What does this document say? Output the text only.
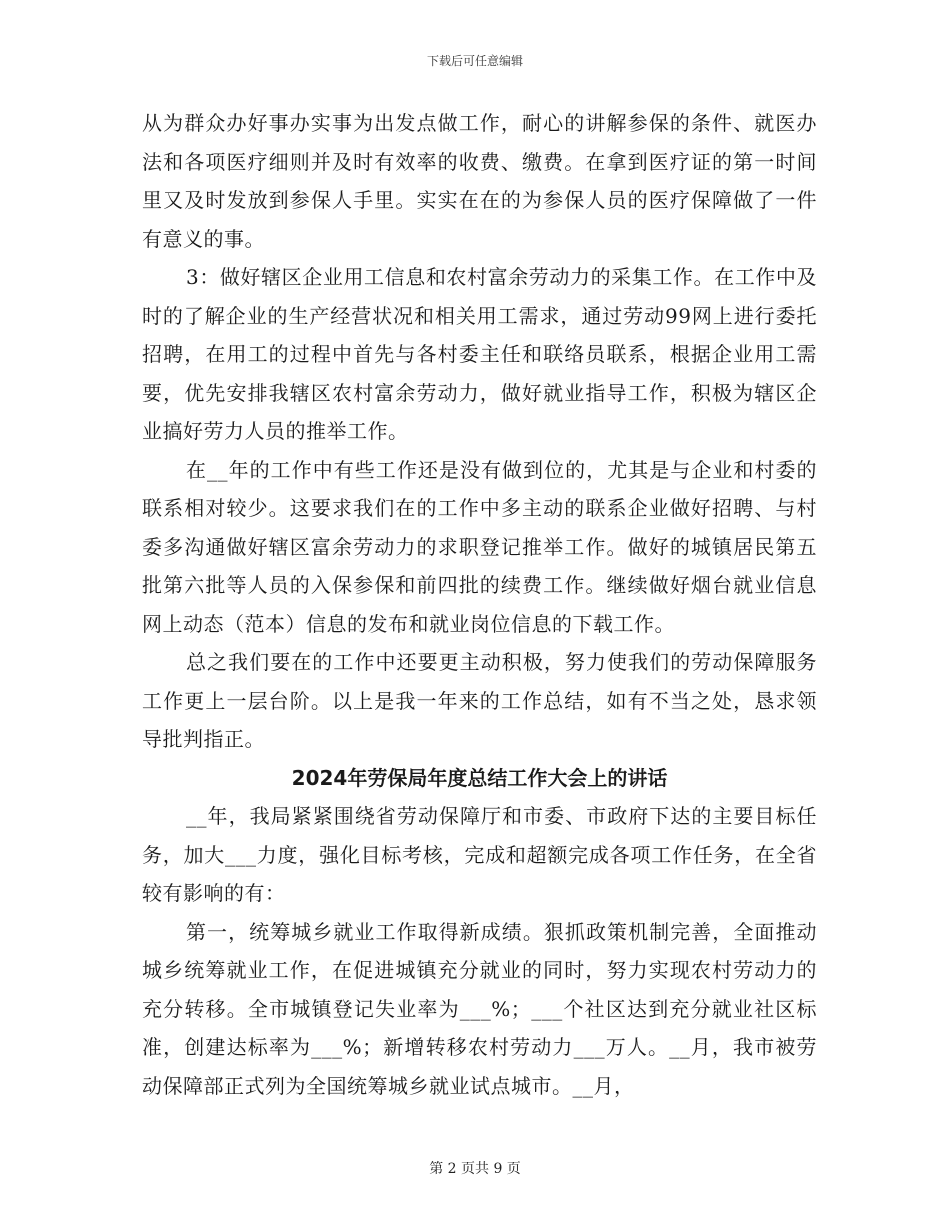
下载后可任意编辑

从为群众办好事办实事为出发点做工作，耐心的讲解参保的条件、就医办法和各项医疗细则并及时有效率的收费、缴费。在拿到医疗证的第一时间里又及时发放到参保人手里。实实在在的为参保人员的医疗保障做了一件有意义的事。

3：做好辖区企业用工信息和农村富余劳动力的采集工作。在工作中及时的了解企业的生产经营状况和相关用工需求，通过劳动99网上进行委托招聘，在用工的过程中首先与各村委主任和联络员联系，根据企业用工需要，优先安排我辖区农村富余劳动力，做好就业指导工作，积极为辖区企业搞好劳力人员的推举工作。

在__年的工作中有些工作还是没有做到位的，尤其是与企业和村委的联系相对较少。这要求我们在的工作中多主动的联系企业做好招聘、与村委多沟通做好辖区富余劳动力的求职登记推举工作。做好的城镇居民第五批第六批等人员的入保参保和前四批的续费工作。继续做好烟台就业信息网上动态（范本）信息的发布和就业岗位信息的下载工作。

总之我们要在的工作中还要更主动积极，努力使我们的劳动保障服务工作更上一层台阶。以上是我一年来的工作总结，如有不当之处，恳求领导批判指正。

2024年劳保局年度总结工作大会上的讲话

__年，我局紧紧围绕省劳动保障厅和市委、市政府下达的主要目标任务，加大___力度，强化目标考核，完成和超额完成各项工作任务，在全省较有影响的有：

第一，统筹城乡就业工作取得新成绩。狠抓政策机制完善，全面推动城乡统筹就业工作，在促进城镇充分就业的同时，努力实现农村劳动力的充分转移。全市城镇登记失业率为___%；___个社区达到充分就业社区标准，创建达标率为___%；新增转移农村劳动力___万人。__月，我市被劳动保障部正式列为全国统筹城乡就业试点城市。__月，

第 2 页共 9 页
